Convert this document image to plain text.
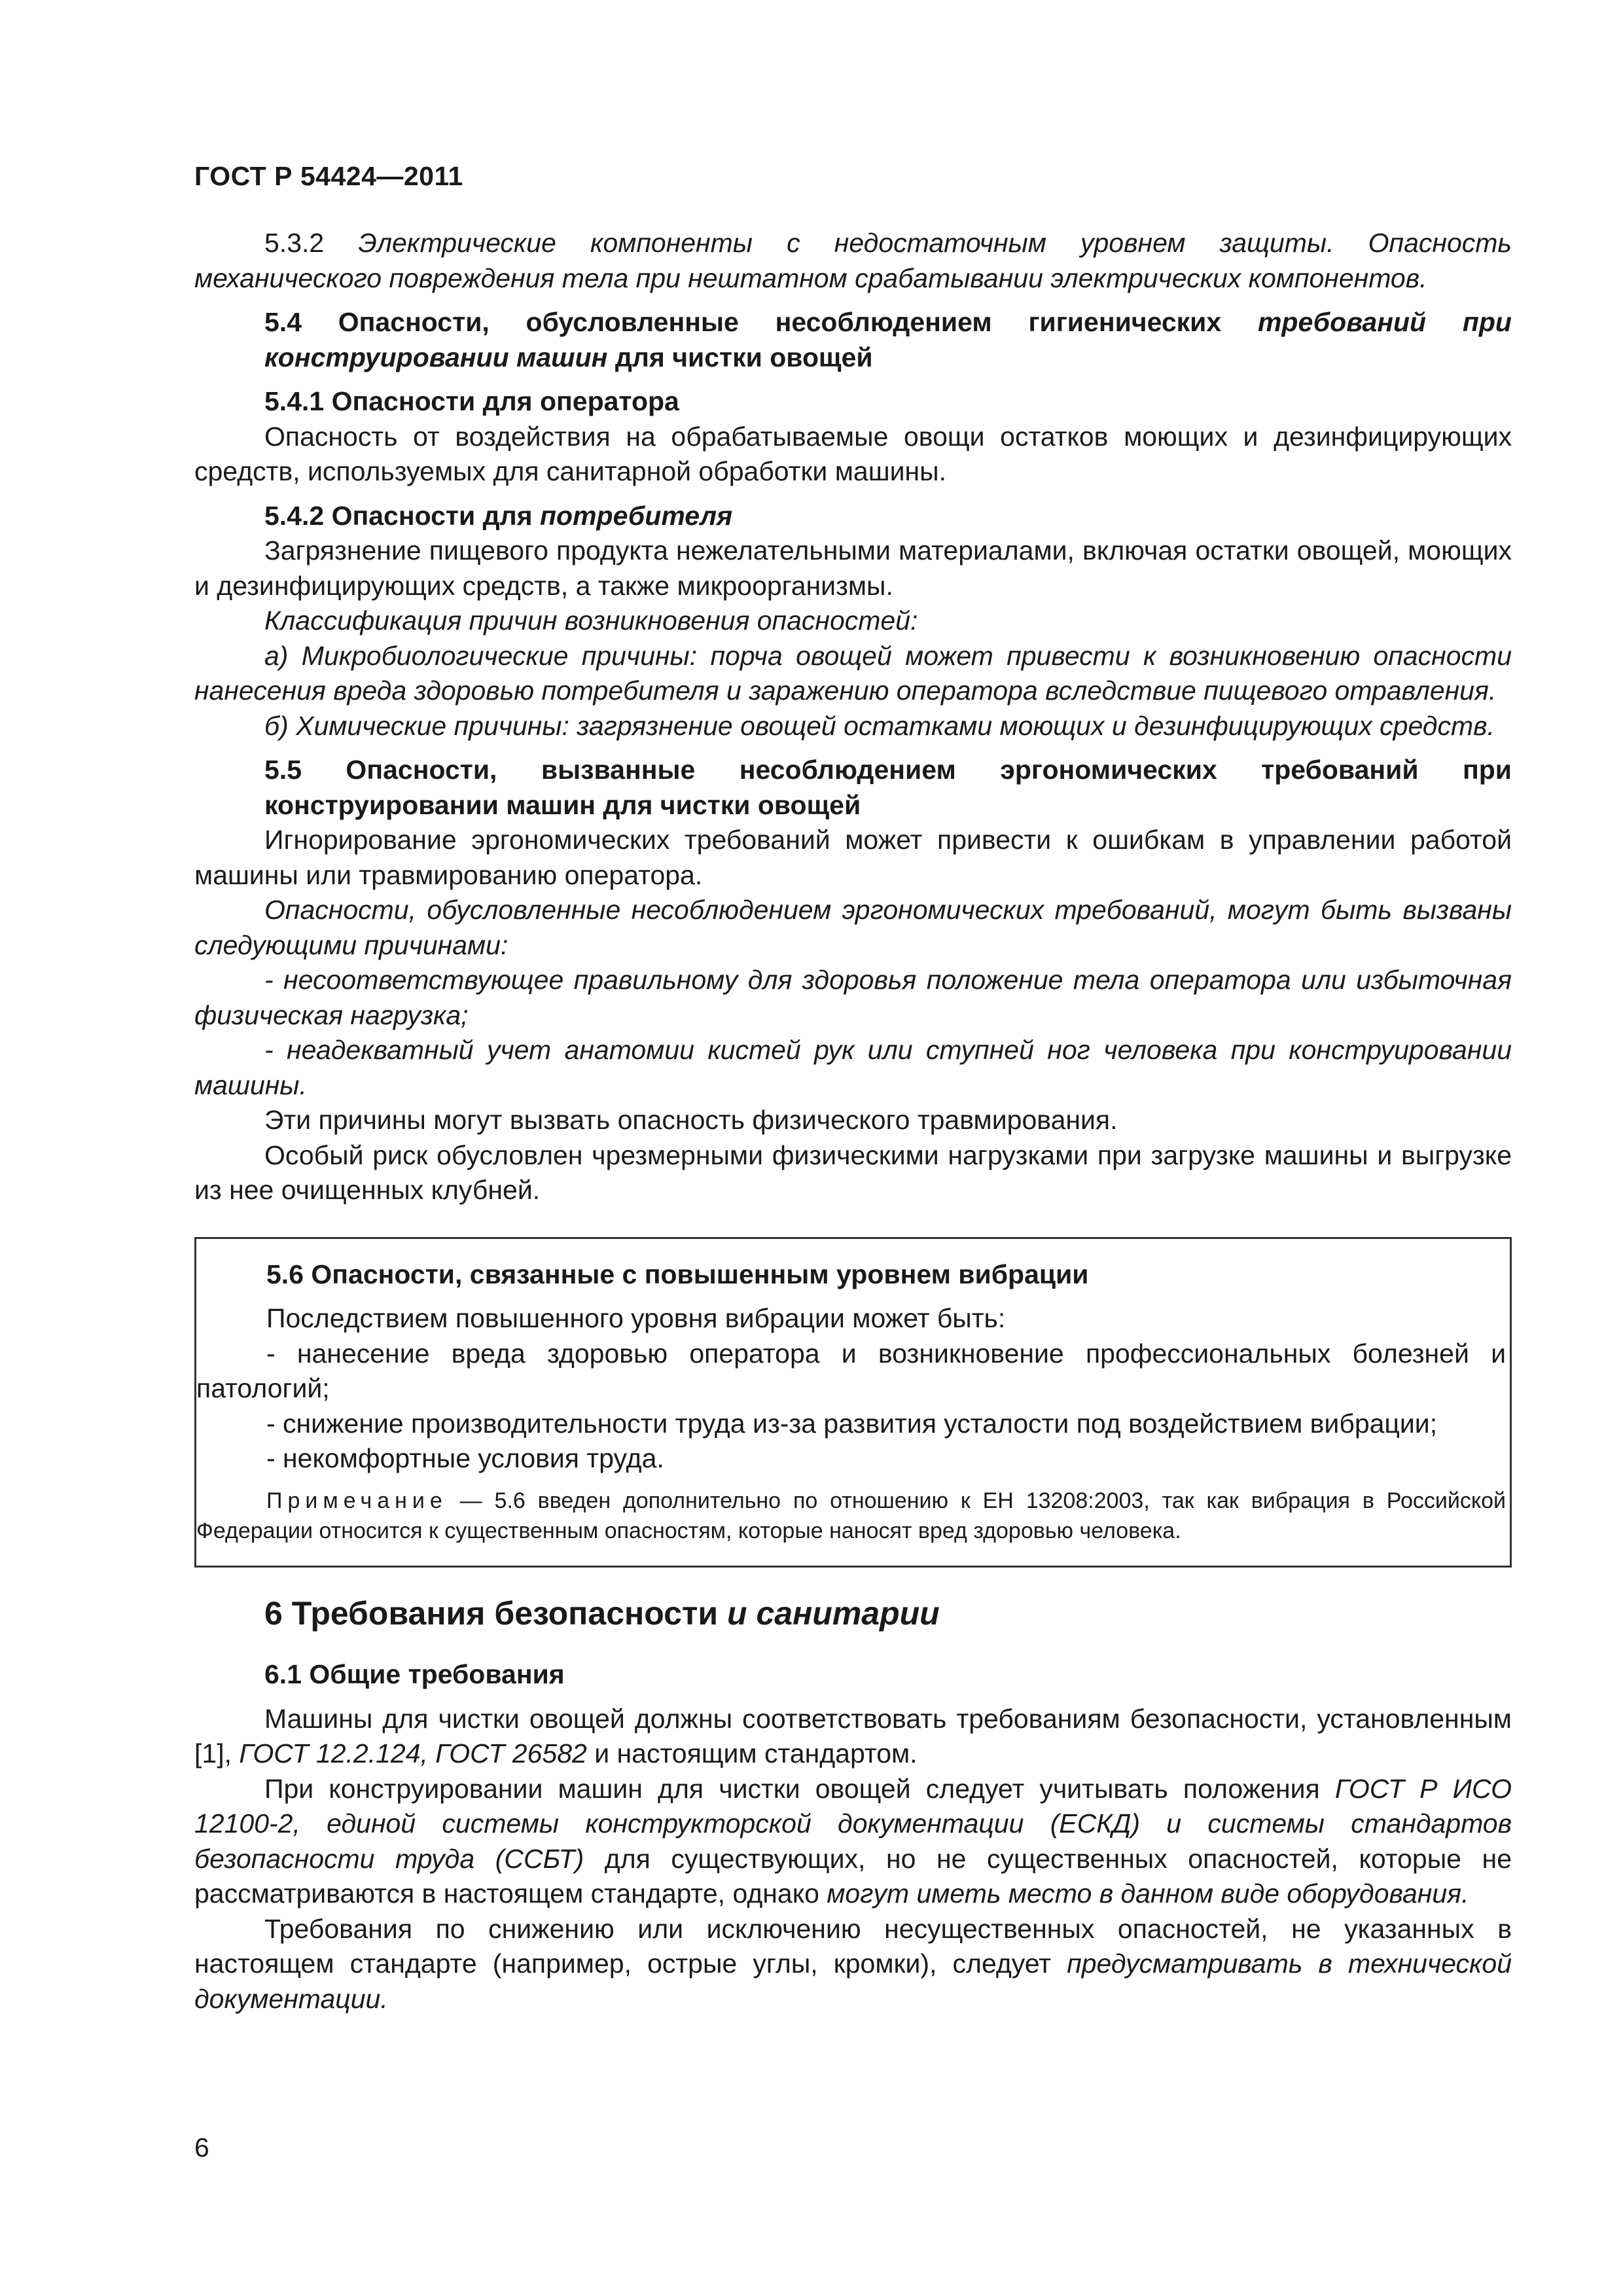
ГОСТ Р 54424—2011

5.3.2 Электрические компоненты с недостаточным уровнем защиты. Опасность механического повреждения тела при нештатном срабатывании электрических компонентов.

5.4 Опасности, обусловленные несоблюдением гигиенических требований при конструировании машин для чистки овощей

5.4.1 Опасности для оператора

Опасность от воздействия на обрабатываемые овощи остатков моющих и дезинфицирующих средств, используемых для санитарной обработки машины.

5.4.2 Опасности для потребителя

Загрязнение пищевого продукта нежелательными материалами, включая остатки овощей, моющих и дезинфицирующих средств, а также микроорганизмы.

Классификация причин возникновения опасностей:

а) Микробиологические причины: порча овощей может привести к возникновению опасности нанесения вреда здоровью потребителя и заражению оператора вследствие пищевого отравления.

б) Химические причины: загрязнение овощей остатками моющих и дезинфицирующих средств.

5.5 Опасности, вызванные несоблюдением эргономических требований при конструировании машин для чистки овощей

Игнорирование эргономических требований может привести к ошибкам в управлении работой машины или травмированию оператора.

Опасности, обусловленные несоблюдением эргономических требований, могут быть вызваны следующими причинами:

- несоответствующее правильному для здоровья положение тела оператора или избыточная физическая нагрузка;

- неадекватный учет анатомии кистей рук или ступней ног человека при конструировании машины.

Эти причины могут вызвать опасность физического травмирования.

Особый риск обусловлен чрезмерными физическими нагрузками при загрузке машины и выгрузке из нее очищенных клубней.

5.6 Опасности, связанные с повышенным уровнем вибрации

Последствием повышенного уровня вибрации может быть:

- нанесение вреда здоровью оператора и возникновение профессиональных болезней и патологий;

- снижение производительности труда из-за развития усталости под воздействием вибрации;

- некомфортные условия труда.

Примечание — 5.6 введен дополнительно по отношению к ЕН 13208:2003, так как вибрация в Российской Федерации относится к существенным опасностям, которые наносят вред здоровью человека.

6 Требования безопасности и санитарии

6.1 Общие требования

Машины для чистки овощей должны соответствовать требованиям безопасности, установленным [1], ГОСТ 12.2.124, ГОСТ 26582 и настоящим стандартом.

При конструировании машин для чистки овощей следует учитывать положения ГОСТ Р ИСО 12100-2, единой системы конструкторской документации (ЕСКД) и системы стандартов безопасности труда (ССБТ) для существующих, но не существенных опасностей, которые не рассматриваются в настоящем стандарте, однако могут иметь место в данном виде оборудования.

Требования по снижению или исключению несущественных опасностей, не указанных в настоящем стандарте (например, острые углы, кромки), следует предусматривать в технической документации.

6
